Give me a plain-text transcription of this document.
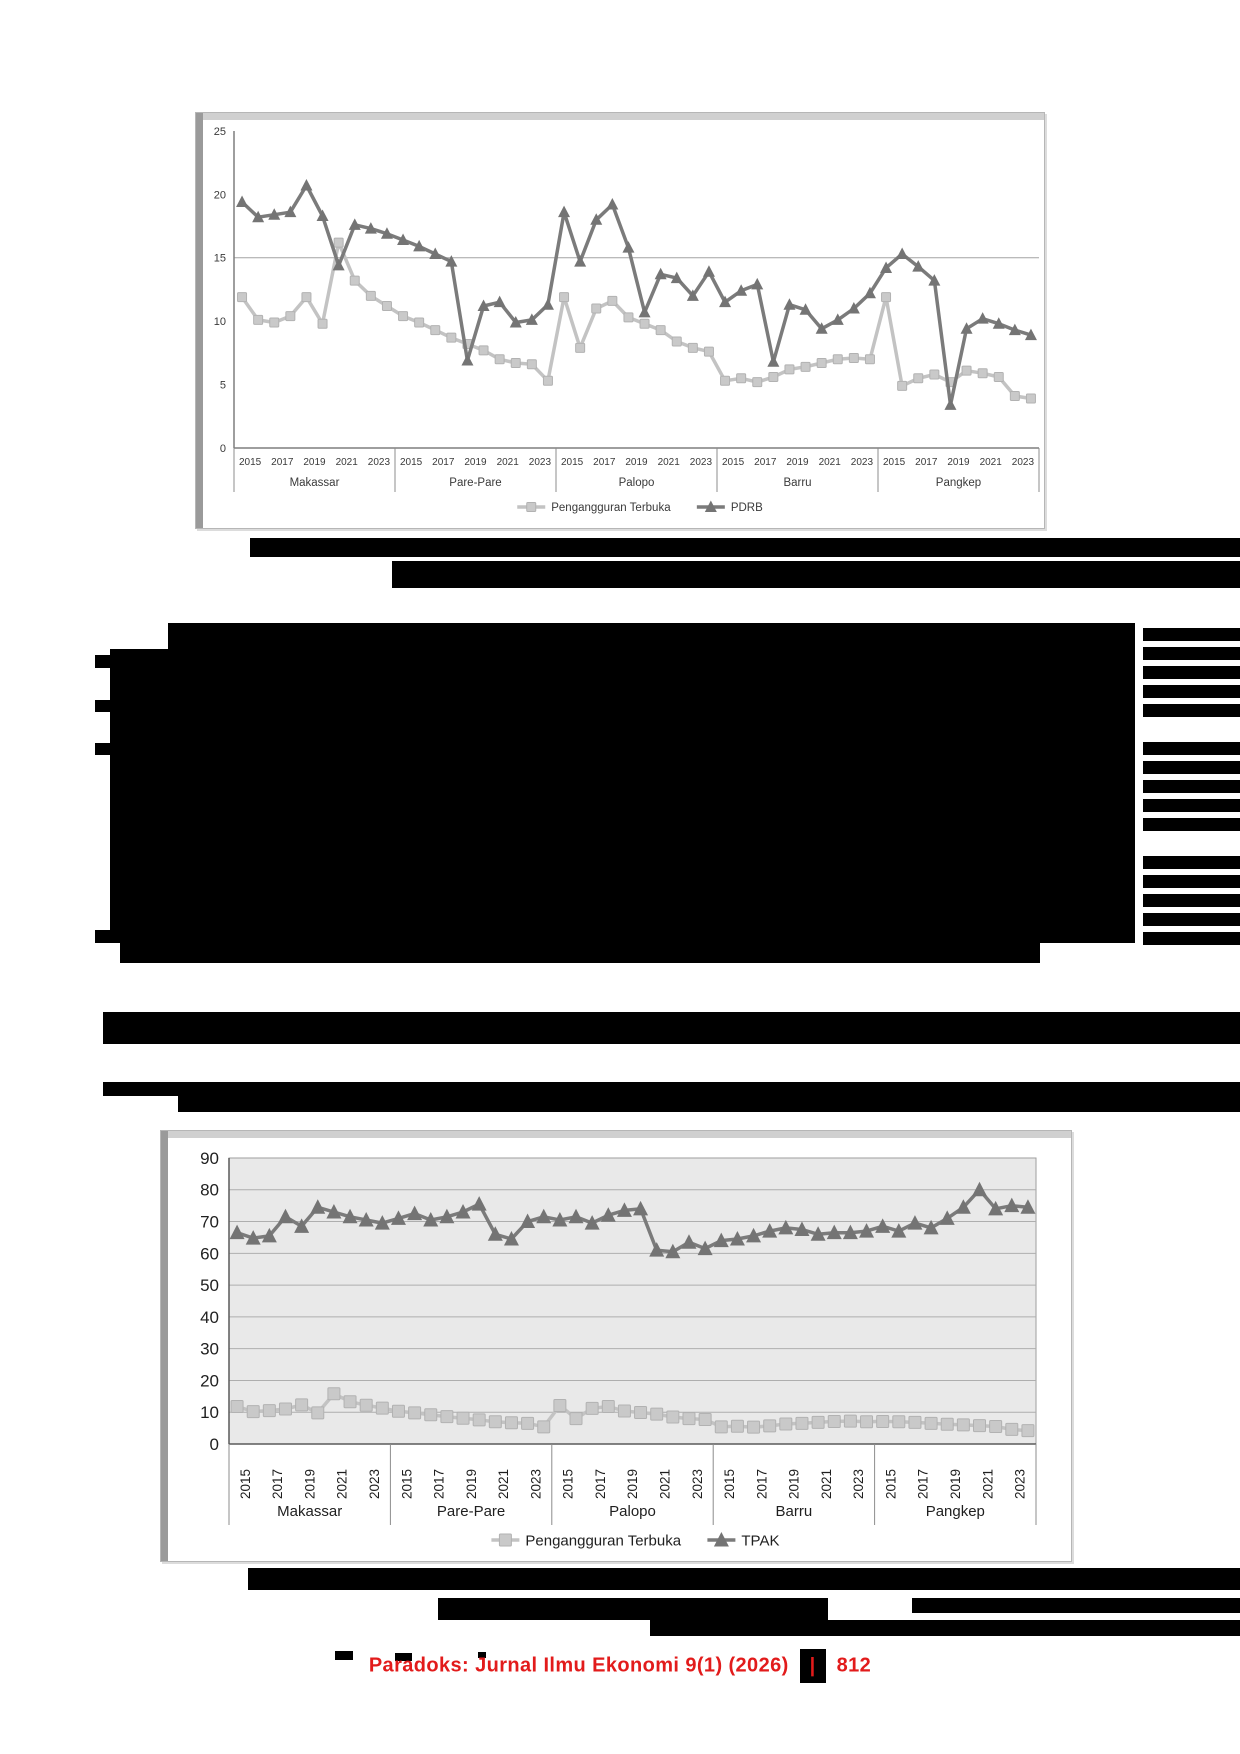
25
20
15
10
5
0
2015 2017 2019 2021 2023
Makassar
2015 2017 2019 2021 2023
Pare-Pare
2015 2017 2019 2021 2023
Palopo
2015 2017 2019 2021 2023
Barru
2015 2017 2019 2021 2023
Pangkep
Pengangguran Terbuka	PDRB
90
80
70
60
50
40
30
20
10
0
2015 2017 2019 2021 2023
Makassar
2015 2017 2019 2021 2023
Pare-Pare
2015 2017 2019 2021 2023
Palopo
2015 2017 2019 2021 2023
Barru
2015 2017 2019 2021 2023
Pangkep
Pengangguran Terbuka	TPAK
Paradoks: Jurnal Ilmu Ekonomi 9(1) (2026) | 812
